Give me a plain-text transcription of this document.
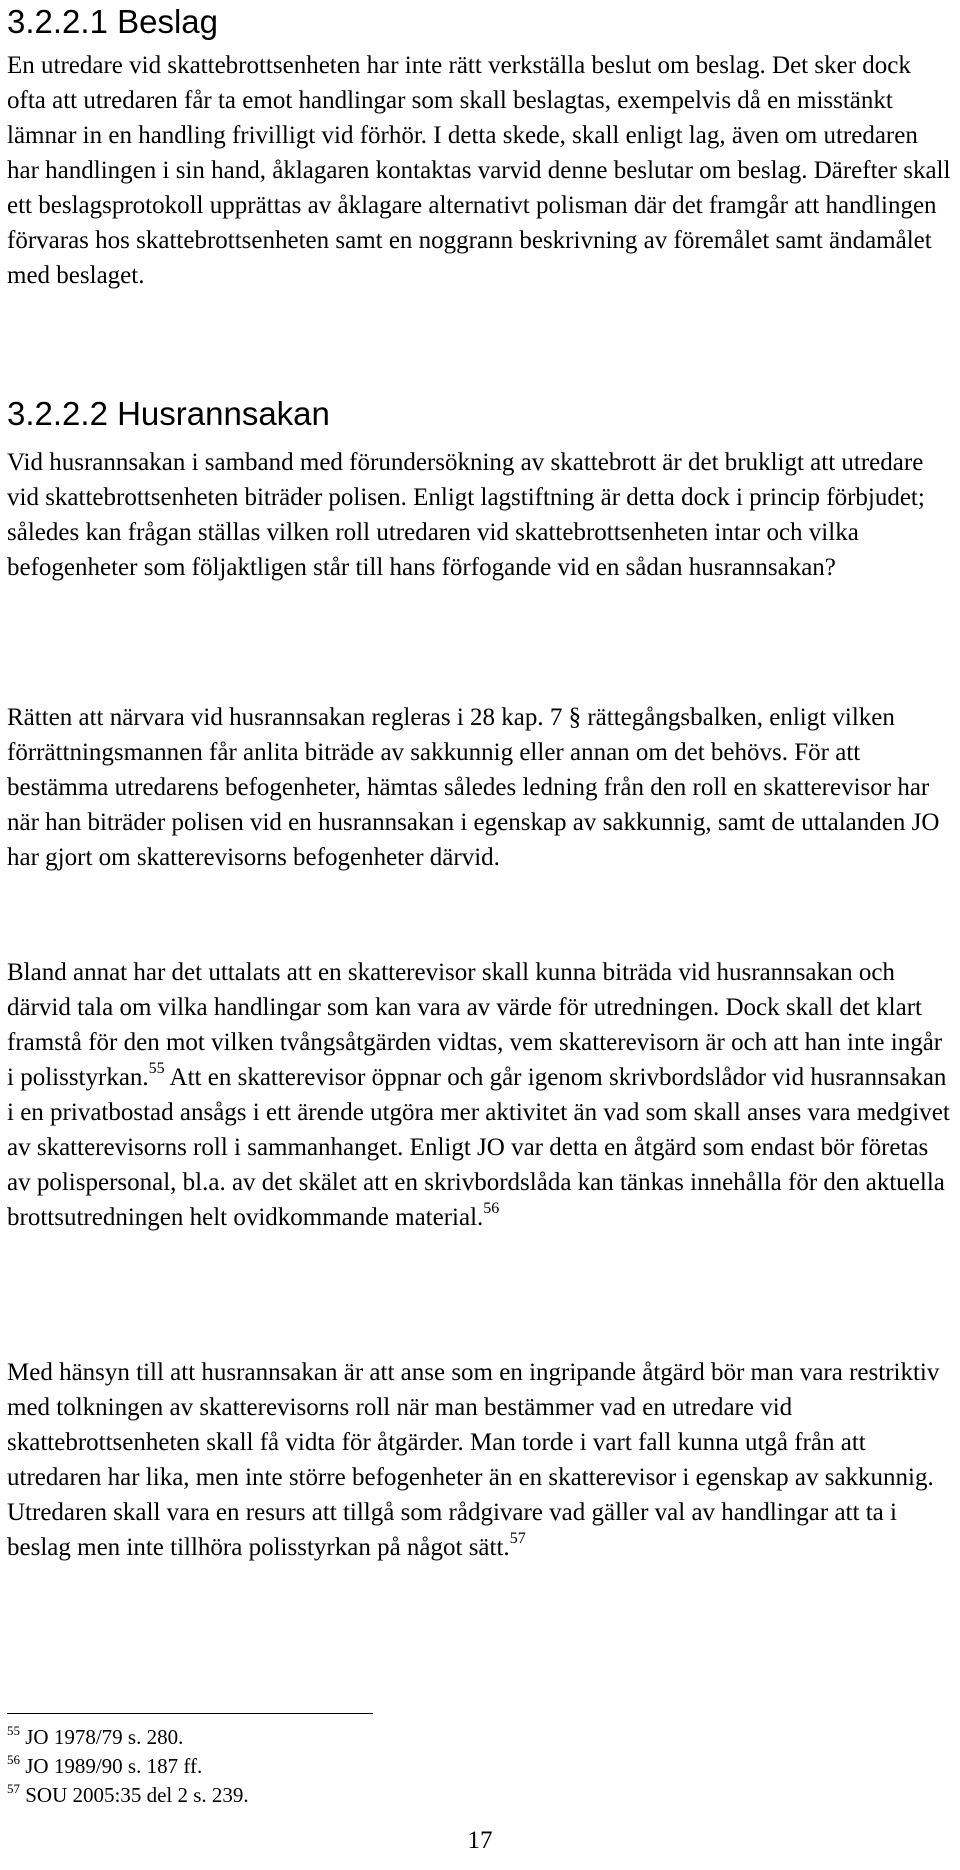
3.2.2.1 Beslag

En utredare vid skattebrottsenheten har inte rätt verkställa beslut om beslag. Det sker dock ofta att utredaren får ta emot handlingar som skall beslagtas, exempelvis då en misstänkt lämnar in en handling frivilligt vid förhör. I detta skede, skall enligt lag, även om utredaren har handlingen i sin hand, åklagaren kontaktas varvid denne beslutar om beslag. Därefter skall ett beslagsprotokoll upprättas av åklagare alternativt polisman där det framgår att handlingen förvaras hos skattebrottsenheten samt en noggrann beskrivning av föremålet samt ändamålet med beslaget.

3.2.2.2 Husrannsakan

Vid husrannsakan i samband med förundersökning av skattebrott är det brukligt att utredare vid skattebrottsenheten biträder polisen. Enligt lagstiftning är detta dock i princip förbjudet; således kan frågan ställas vilken roll utredaren vid skattebrottsenheten intar och vilka befogenheter som följaktligen står till hans förfogande vid en sådan husrannsakan?

Rätten att närvara vid husrannsakan regleras i 28 kap. 7 § rättegångsbalken, enligt vilken förrättningsmannen får anlita biträde av sakkunnig eller annan om det behövs. För att bestämma utredarens befogenheter, hämtas således ledning från den roll en skatterevisor har när han biträder polisen vid en husrannsakan i egenskap av sakkunnig, samt de uttalanden JO har gjort om skatterevisorns befogenheter därvid.

Bland annat har det uttalats att en skatterevisor skall kunna biträda vid husrannsakan och därvid tala om vilka handlingar som kan vara av värde för utredningen. Dock skall det klart framstå för den mot vilken tvångsåtgärden vidtas, vem skatterevisorn är och att han inte ingår i polisstyrkan.$^{55}$ Att en skatterevisor öppnar och går igenom skrivbordslådor vid husrannsakan i en privatbostad ansågs i ett ärende utgöra mer aktivitet än vad som skall anses vara medgivet av skatterevisorns roll i sammanhanget. Enligt JO var detta en åtgärd som endast bör företas av polispersonal, bl.a. av det skälet att en skrivbordslåda kan tänkas innehålla för den aktuella brottsutredningen helt ovidkommande material.$^{56}$

Med hänsyn till att husrannsakan är att anse som en ingripande åtgärd bör man vara restriktiv med tolkningen av skatterevisorns roll när man bestämmer vad en utredare vid skattebrottsenheten skall få vidta för åtgärder. Man torde i vart fall kunna utgå från att utredaren har lika, men inte större befogenheter än en skatterevisor i egenskap av sakkunnig. Utredaren skall vara en resurs att tillgå som rådgivare vad gäller val av handlingar att ta i beslag men inte tillhöra polisstyrkan på något sätt.$^{57}$

$^{55}$ JO 1978/79 s. 280.
$^{56}$ JO 1989/90 s. 187 ff.
$^{57}$ SOU 2005:35 del 2 s. 239.
17
